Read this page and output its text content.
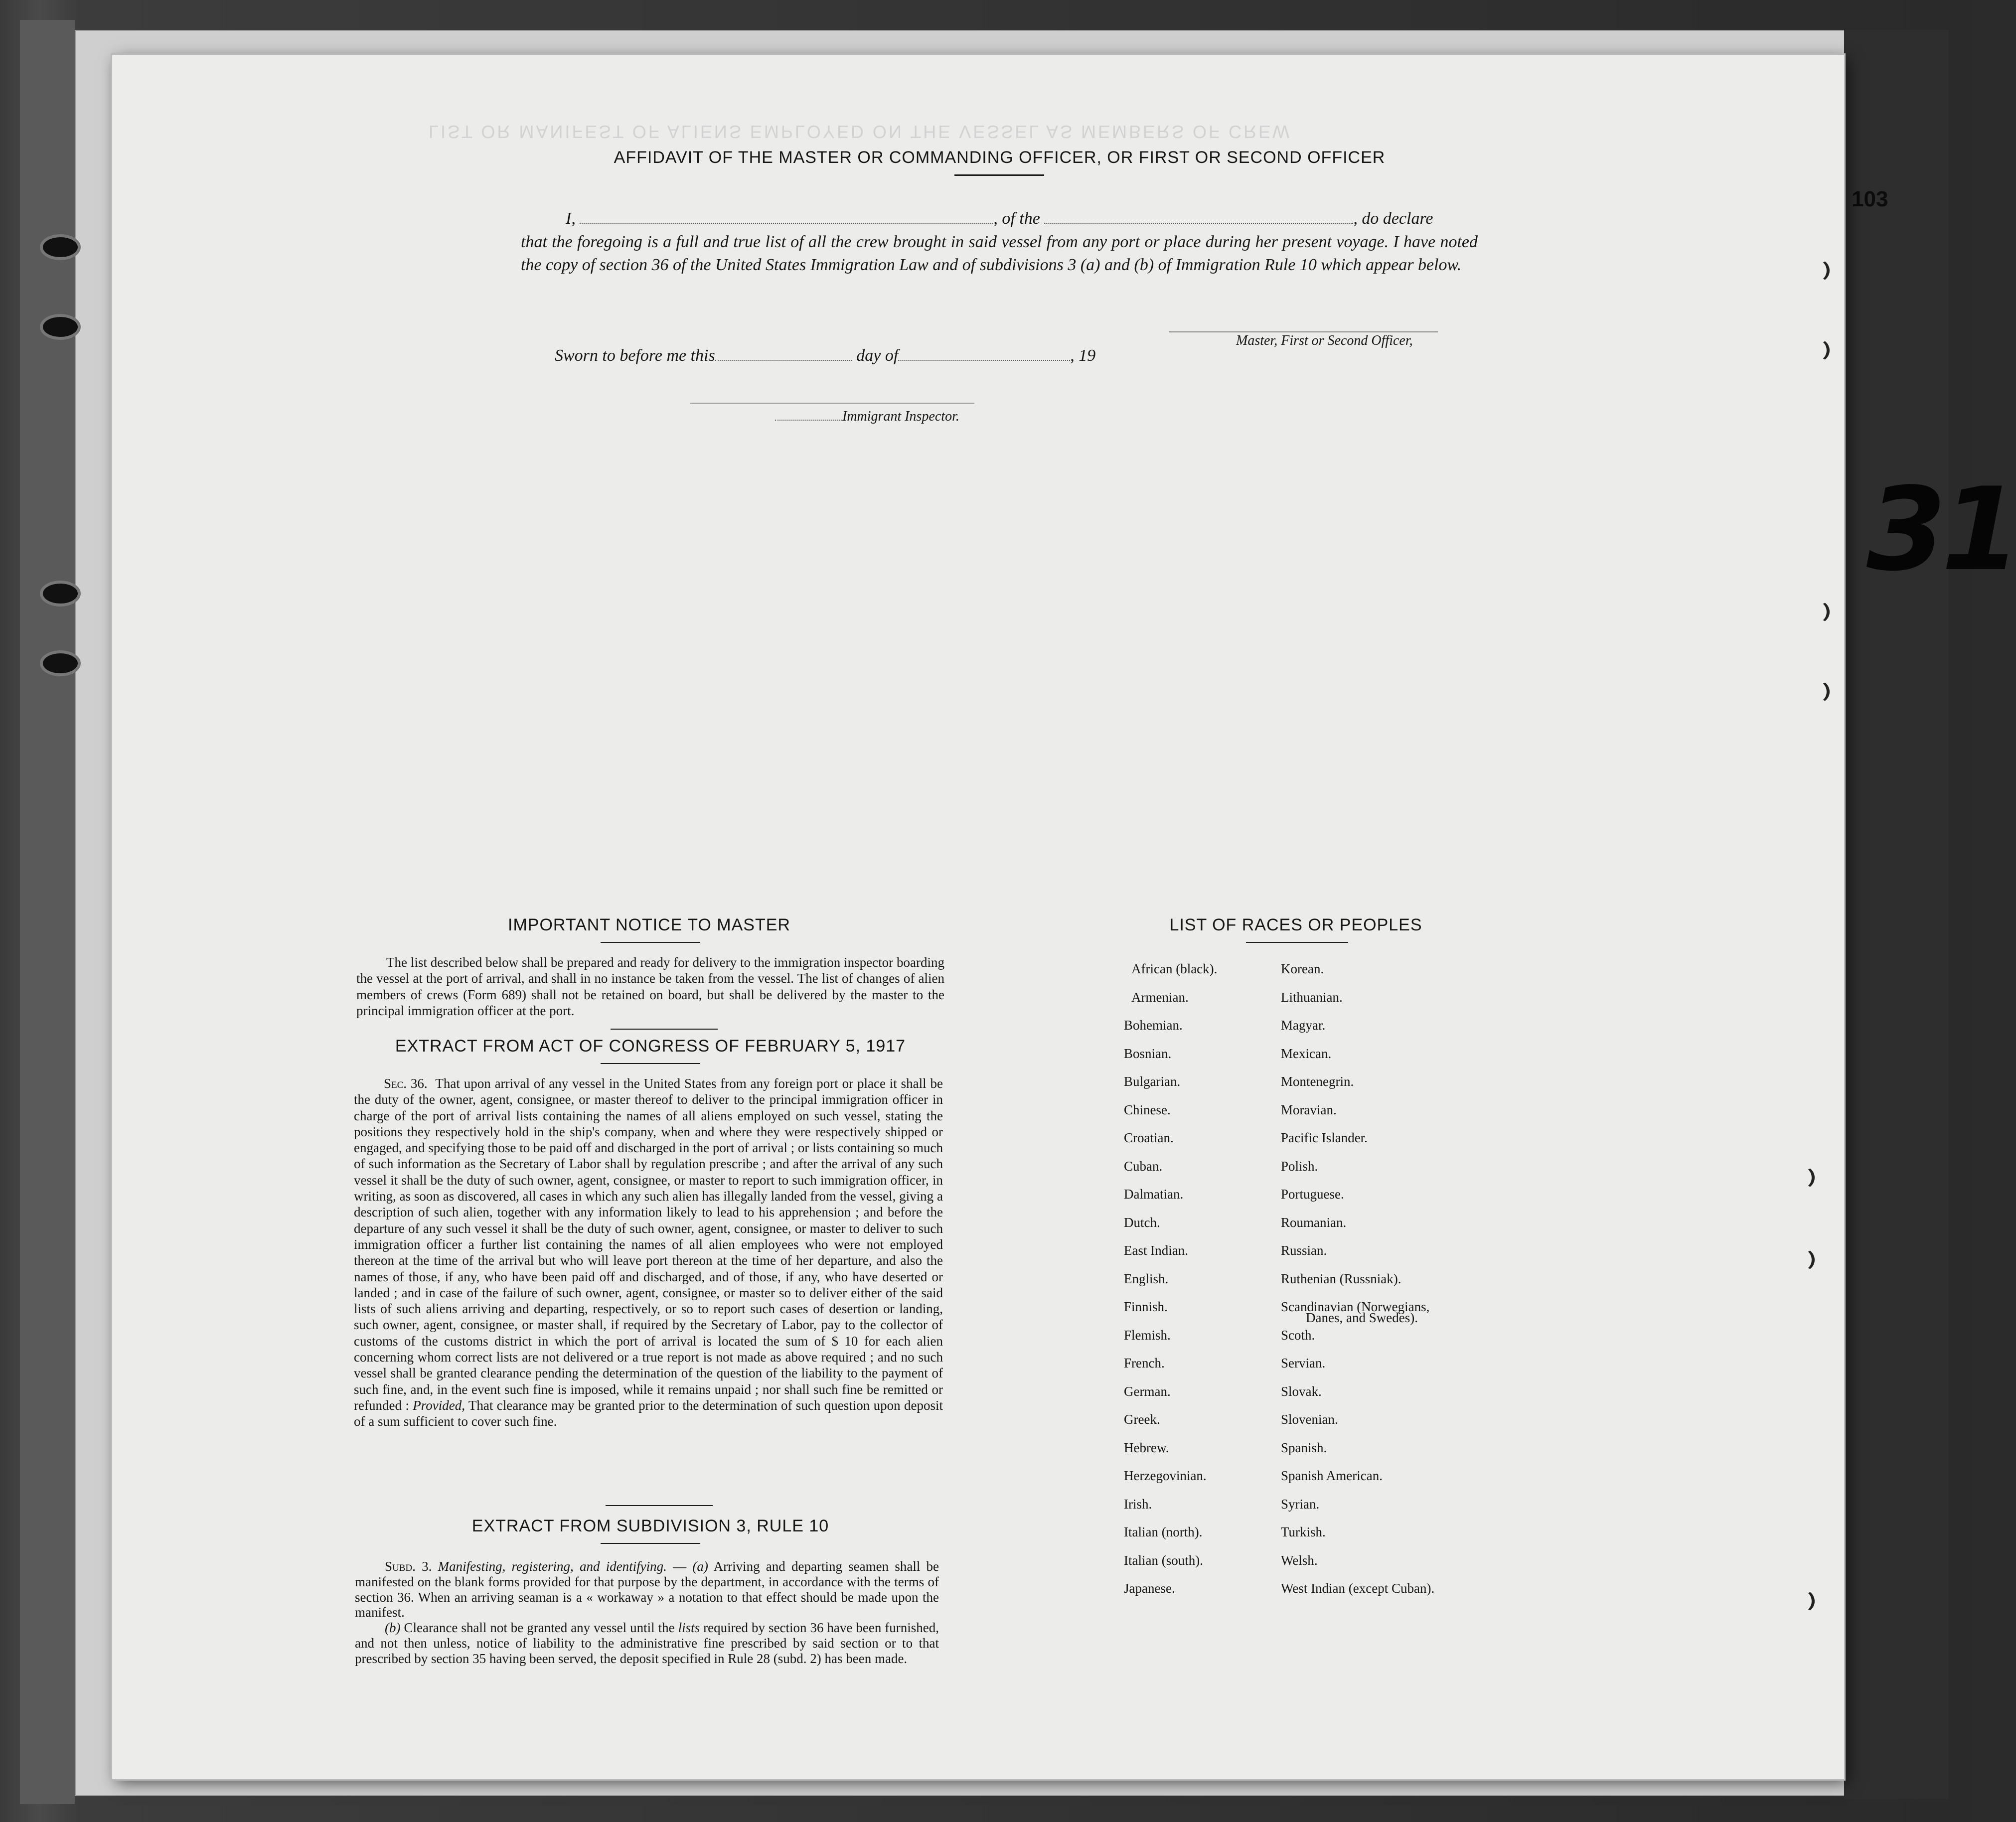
103
31
AFFIDAVIT OF THE MASTER OR COMMANDING OFFICER, OR FIRST OR SECOND OFFICER
I,	, of the	, do declare
that the foregoing is a full and true list of all the crew brought in said vessel from any port or place during her present voyage. I have noted the copy of section 36 of the United States Immigration Law and of subdivisions 3 (a) and (b) of Immigration Rule 10 which appear below.
Master, First or Second Officer,
Sworn to before me this	day of	, 19
Immigrant Inspector.
IMPORTANT NOTICE TO MASTER

The list described below shall be prepared and ready for delivery to the immigration inspector boarding the vessel at the port of arrival, and shall in no instance be taken from the vessel. The list of changes of alien members of crews (Form 689) shall not be retained on board, but shall be delivered by the master to the principal immigration officer at the port.

EXTRACT FROM ACT OF CONGRESS OF FEBRUARY 5, 1917

Sec. 36. That upon arrival of any vessel in the United States from any foreign port or place it shall be the duty of the owner, agent, consignee, or master thereof to deliver to the principal immigration officer in charge of the port of arrival lists containing the names of all aliens employed on such vessel, stating the positions they respectively hold in the ship's company, when and where they were respectively shipped or engaged, and specifying those to be paid off and discharged in the port of arrival ; or lists containing so much of such information as the Secretary of Labor shall by regulation prescribe ; and after the arrival of any such vessel it shall be the duty of such owner, agent, consignee, or master to report to such immigration officer, in writing, as soon as discovered, all cases in which any such alien has illegally landed from the vessel, giving a description of such alien, together with any information likely to lead to his apprehension ; and before the departure of any such vessel it shall be the duty of such owner, agent, consignee, or master to deliver to such immigration officer a further list containing the names of all alien employees who were not employed thereon at the time of the arrival but who will leave port thereon at the time of her departure, and also the names of those, if any, who have been paid off and discharged, and of those, if any, who have deserted or landed ; and in case of the failure of such owner, agent, consignee, or master so to deliver either of the said lists of such aliens arriving and departing, respectively, or so to report such cases of desertion or landing, such owner, agent, consignee, or master shall, if required by the Secretary of Labor, pay to the collector of customs of the customs district in which the port of arrival is located the sum of $ 10 for each alien concerning whom correct lists are not delivered or a true report is not made as above required ; and no such vessel shall be granted clearance pending the determination of the question of the liability to the payment of such fine, and, in the event such fine is imposed, while it remains unpaid ; nor shall such fine be remitted or refunded : Provided, That clearance may be granted prior to the determination of such question upon deposit of a sum sufficient to cover such fine.

EXTRACT FROM SUBDIVISION 3, RULE 10

Subd. 3. Manifesting, registering, and identifying. — (a) Arriving and departing seamen shall be manifested on the blank forms provided for that purpose by the department, in accordance with the terms of section 36. When an arriving seaman is a « workaway » a notation to that effect should be made upon the manifest.

(b) Clearance shall not be granted any vessel until the lists required by section 36 have been furnished, and not then unless, notice of liability to the administrative fine prescribed by said section or to that prescribed by section 35 having been served, the deposit specified in Rule 28 (subd. 2) has been made.

LIST OF RACES OR PEOPLES
African (black).
Armenian.
Bohemian.
Bosnian.
Bulgarian.
Chinese.
Croatian.
Cuban.
Dalmatian.
Dutch.
East Indian.
English.
Finnish.
Flemish.
French.
German.
Greek.
Hebrew.
Herzegovinian.
Irish.
Italian (north).
Italian (south).
Japanese.
Korean.
Lithuanian.
Magyar.
Mexican.
Montenegrin.
Moravian.
Pacific Islander.
Polish.
Portuguese.
Roumanian.
Russian.
Ruthenian (Russniak).
Scandinavian (Norwegians,
Danes, and Swedes).
Scoth.
Servian.
Slovak.
Slovenian.
Spanish.
Spanish American.
Syrian.
Turkish.
Welsh.
West Indian (except Cuban).
LIST OR MANIFEST OF ALIENS EMPLOYED ON THE VESSEL AS MEMBERS OF CREW
